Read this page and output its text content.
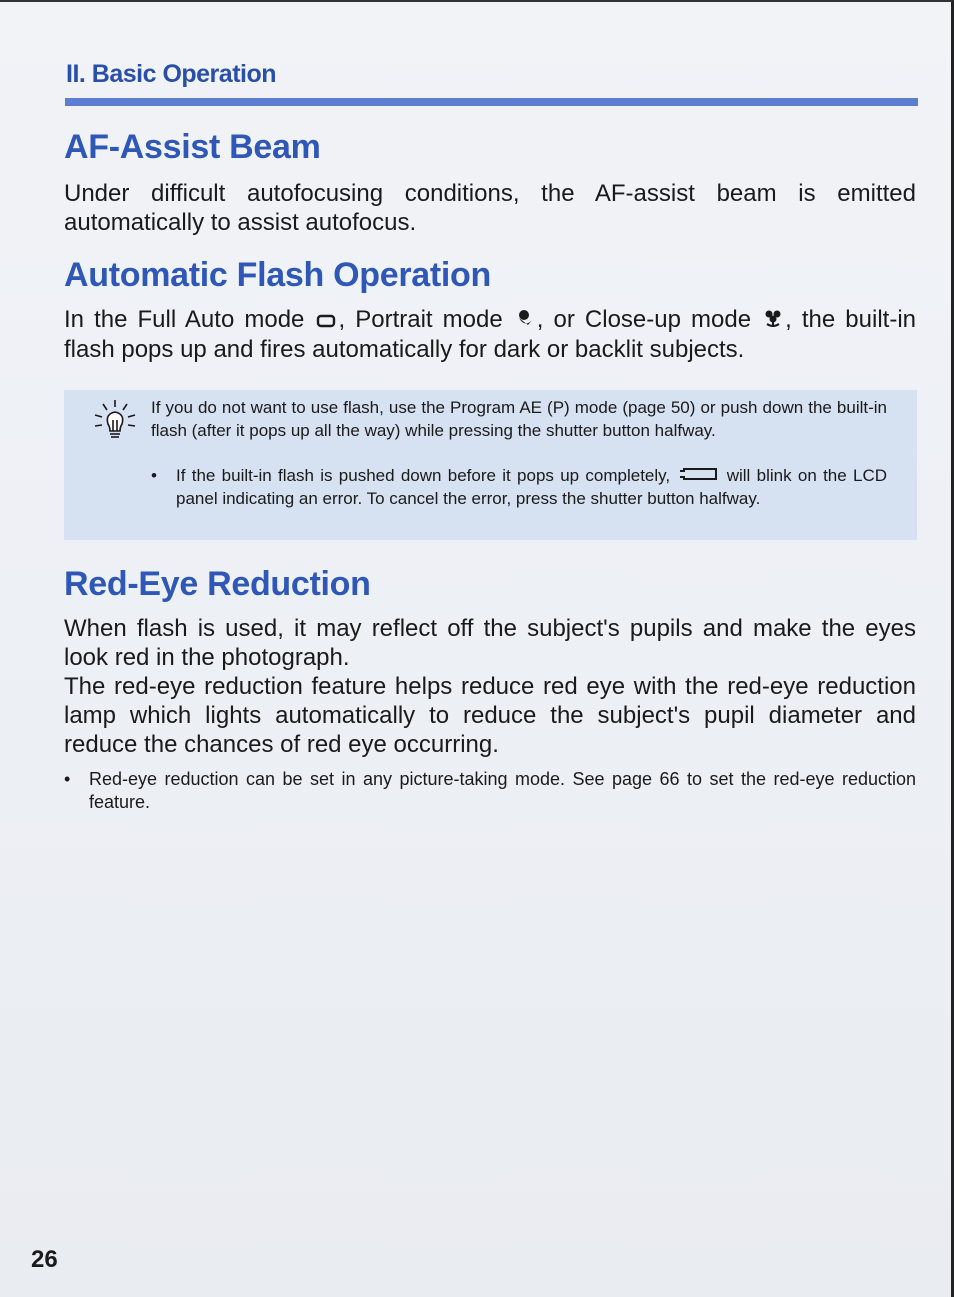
II. Basic Operation
AF-Assist Beam

Under difficult autofocusing conditions, the AF-assist beam is emitted automatically to assist autofocus.

Automatic Flash Operation

In the Full Auto mode , Portrait mode , or Close-up mode , the built-in flash pops up and fires automatically for dark or backlit subjects.

If you do not want to use flash, use the Program AE (P) mode (page 50) or push down the built-in flash (after it pops up all the way) while pressing the shutter button halfway.

• If the built-in flash is pushed down before it pops up completely,	will blink on the LCD panel indicating an error. To cancel the error, press the shutter button halfway.

Red-Eye Reduction

When flash is used, it may reflect off the subject's pupils and make the eyes look red in the photograph.

The red-eye reduction feature helps reduce red eye with the red-eye reduction lamp which lights automatically to reduce the subject's pupil diameter and reduce the chances of red eye occurring.

• Red-eye reduction can be set in any picture-taking mode. See page 66 to set the red-eye reduction feature.

26
